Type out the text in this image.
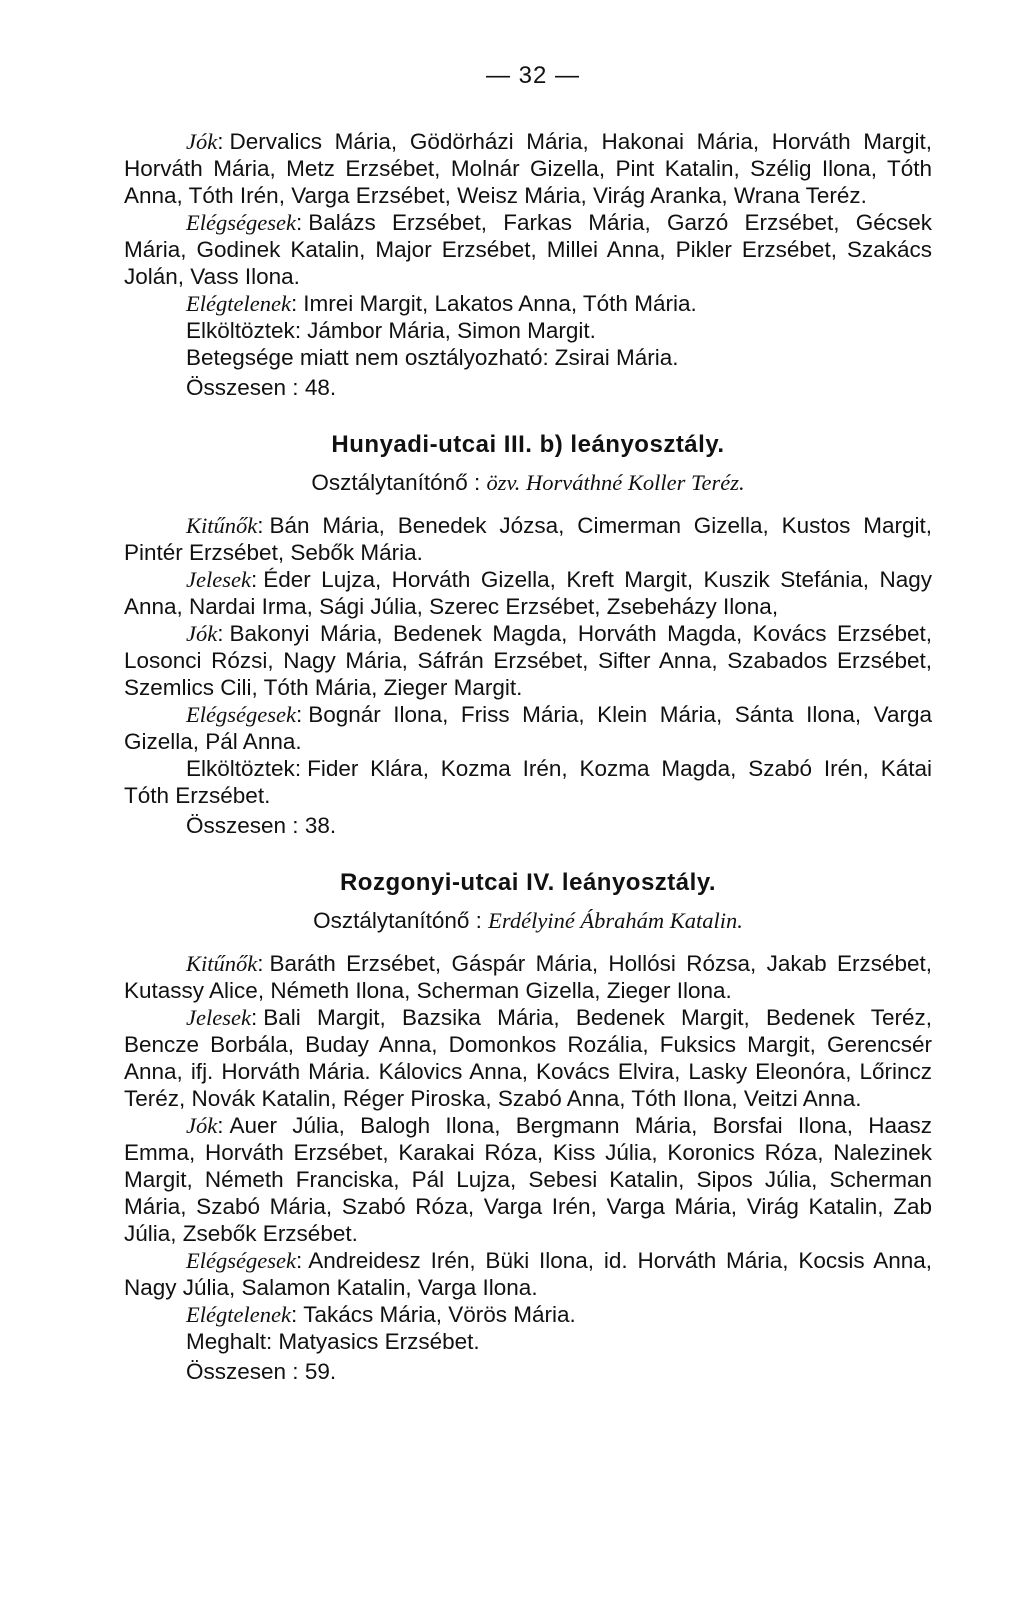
— 32 —

Jók: Dervalics Mária, Gödörházi Mária, Hakonai Mária, Horváth Margit, Horváth Mária, Metz Erzsébet, Molnár Gizella, Pint Katalin, Szélig Ilona, Tóth Anna, Tóth Irén, Varga Erzsébet, Weisz Mária, Virág Aranka, Wrana Teréz.

Elégségesek: Balázs Erzsébet, Farkas Mária, Garzó Erzsébet, Gécsek Mária, Godinek Katalin, Major Erzsébet, Millei Anna, Pikler Erzsébet, Szakács Jolán, Vass Ilona.

Elégtelenek: Imrei Margit, Lakatos Anna, Tóth Mária.

Elköltöztek: Jámbor Mária, Simon Margit.

Betegsége miatt nem osztályozható: Zsirai Mária.

Összesen : 48.
Hunyadi-utcai III. b) leányosztály.
Osztálytanítónő : özv. Horváthné Koller Teréz.

Kitűnők: Bán Mária, Benedek Józsa, Cimerman Gizella, Kustos Margit, Pintér Erzsébet, Sebők Mária.

Jelesek: Éder Lujza, Horváth Gizella, Kreft Margit, Kuszik Stefánia, Nagy Anna, Nardai Irma, Sági Júlia, Szerec Erzsébet, Zsebeházy Ilona,

Jók: Bakonyi Mária, Bedenek Magda, Horváth Magda, Kovács Erzsébet, Losonci Rózsi, Nagy Mária, Sáfrán Erzsébet, Sifter Anna, Szabados Erzsébet, Szemlics Cili, Tóth Mária, Zieger Margit.

Elégségesek: Bognár Ilona, Friss Mária, Klein Mária, Sánta Ilona, Varga Gizella, Pál Anna.

Elköltöztek: Fider Klára, Kozma Irén, Kozma Magda, Szabó Irén, Kátai Tóth Erzsébet.

Összesen : 38.
Rozgonyi-utcai IV. leányosztály.
Osztálytanítónő : Erdélyiné Ábrahám Katalin.

Kitűnők: Baráth Erzsébet, Gáspár Mária, Hollósi Rózsa, Jakab Erzsébet, Kutassy Alice, Németh Ilona, Scherman Gizella, Zieger Ilona.

Jelesek: Bali Margit, Bazsika Mária, Bedenek Margit, Bedenek Teréz, Bencze Borbála, Buday Anna, Domonkos Rozália, Fuksics Margit, Gerencsér Anna, ifj. Horváth Mária. Kálovics Anna, Kovács Elvira, Lasky Eleonóra, Lőrincz Teréz, Novák Katalin, Réger Piroska, Szabó Anna, Tóth Ilona, Veitzi Anna.

Jók: Auer Júlia, Balogh Ilona, Bergmann Mária, Borsfai Ilona, Haasz Emma, Horváth Erzsébet, Karakai Róza, Kiss Júlia, Koronics Róza, Nalezinek Margit, Németh Franciska, Pál Lujza, Sebesi Katalin, Sipos Júlia, Scherman Mária, Szabó Mária, Szabó Róza, Varga Irén, Varga Mária, Virág Katalin, Zab Júlia, Zsebők Erzsébet.

Elégségesek: Andreidesz Irén, Büki Ilona, id. Horváth Mária, Kocsis Anna, Nagy Júlia, Salamon Katalin, Varga Ilona.

Elégtelenek: Takács Mária, Vörös Mária.

Meghalt: Matyasics Erzsébet.

Összesen : 59.
